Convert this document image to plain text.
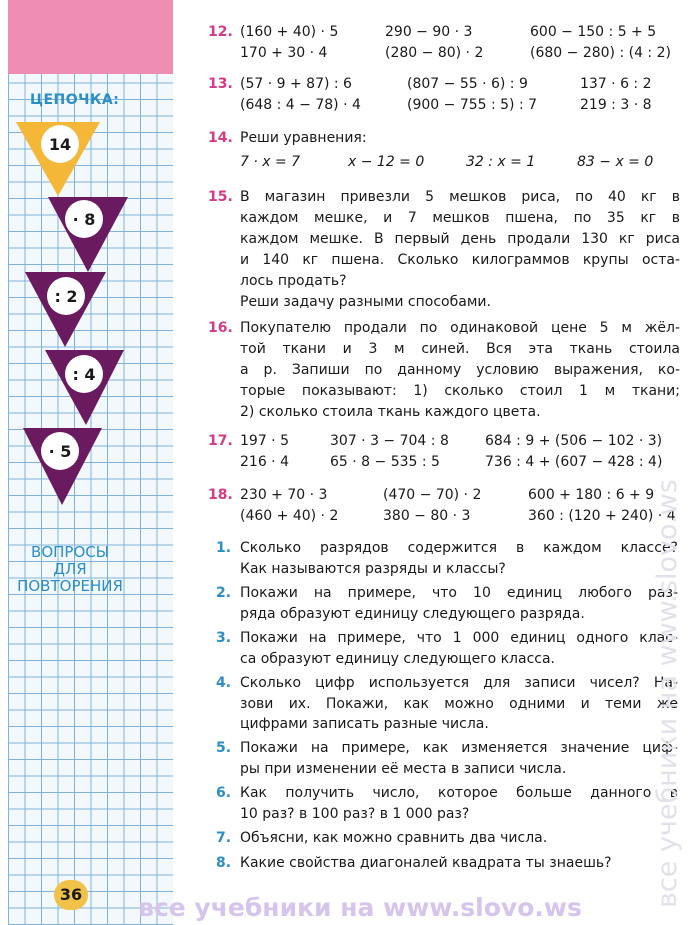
ЦЕПОЧКА:
14
· 8
: 2
: 4
· 5
ВОПРОСЫ
ДЛЯ
ПОВТОРЕНИЯ
36
12. (160 + 40) · 5	290 − 90 · 3	600 − 150 : 5 + 5
170 + 30 · 4	(280 − 80) · 2	(680 − 280) : (4 : 2)
13. (57 · 9 + 87) : 6	(807 − 55 · 6) : 9	137 · 6 : 2
(648 : 4 − 78) · 4	(900 − 755 : 5) : 7	219 : 3 · 8
14. Реши уравнения:
7 · x = 7	x − 12 = 0	32 : x = 1	83 − x = 0
15. В магазин привезли 5 мешков риса, по 40 кг в
каждом мешке, и 7 мешков пшена, по 35 кг в
каждом мешке. В первый день продали 130 кг риса
и 140 кг пшена. Сколько килограммов крупы оста-
лось продать?
Реши задачу разными способами.
16. Покупателю продали по одинаковой цене 5 м жёл-
той ткани и 3 м синей. Вся эта ткань стоила
a р. Запиши по данному условию выражения, ко-
торые показывают: 1) сколько стоил 1 м ткани;
2) сколько стоила ткань каждого цвета.
17. 197 · 5	307 · 3 − 704 : 8	684 : 9 + (506 − 102 · 3)
216 · 4	65 · 8 − 535 : 5	736 : 4 + (607 − 428 : 4)
18. 230 + 70 · 3	(470 − 70) · 2	600 + 180 : 6 + 9
(460 + 40) · 2	380 − 80 · 3	360 : (120 + 240) · 4
1. Сколько разрядов содержится в каждом классе?
Как называются разряды и классы?
2. Покажи на примере, что 10 единиц любого раз-
ряда образуют единицу следующего разряда.
3. Покажи на примере, что 1 000 единиц одного клас-
са образуют единицу следующего класса.
4. Сколько цифр используется для записи чисел? На-
зови их. Покажи, как можно одними и теми же
цифрами записать разные числа.
5. Покажи на примере, как изменяется значение циф-
ры при изменении её места в записи числа.
6. Как получить число, которое больше данного в
10 раз? в 100 раз? в 1 000 раз?
7. Объясни, как можно сравнить два числа.
8. Какие свойства диагоналей квадрата ты знаешь?	все учебники на www.slovo.ws
все учебники на www.slovo.ws
